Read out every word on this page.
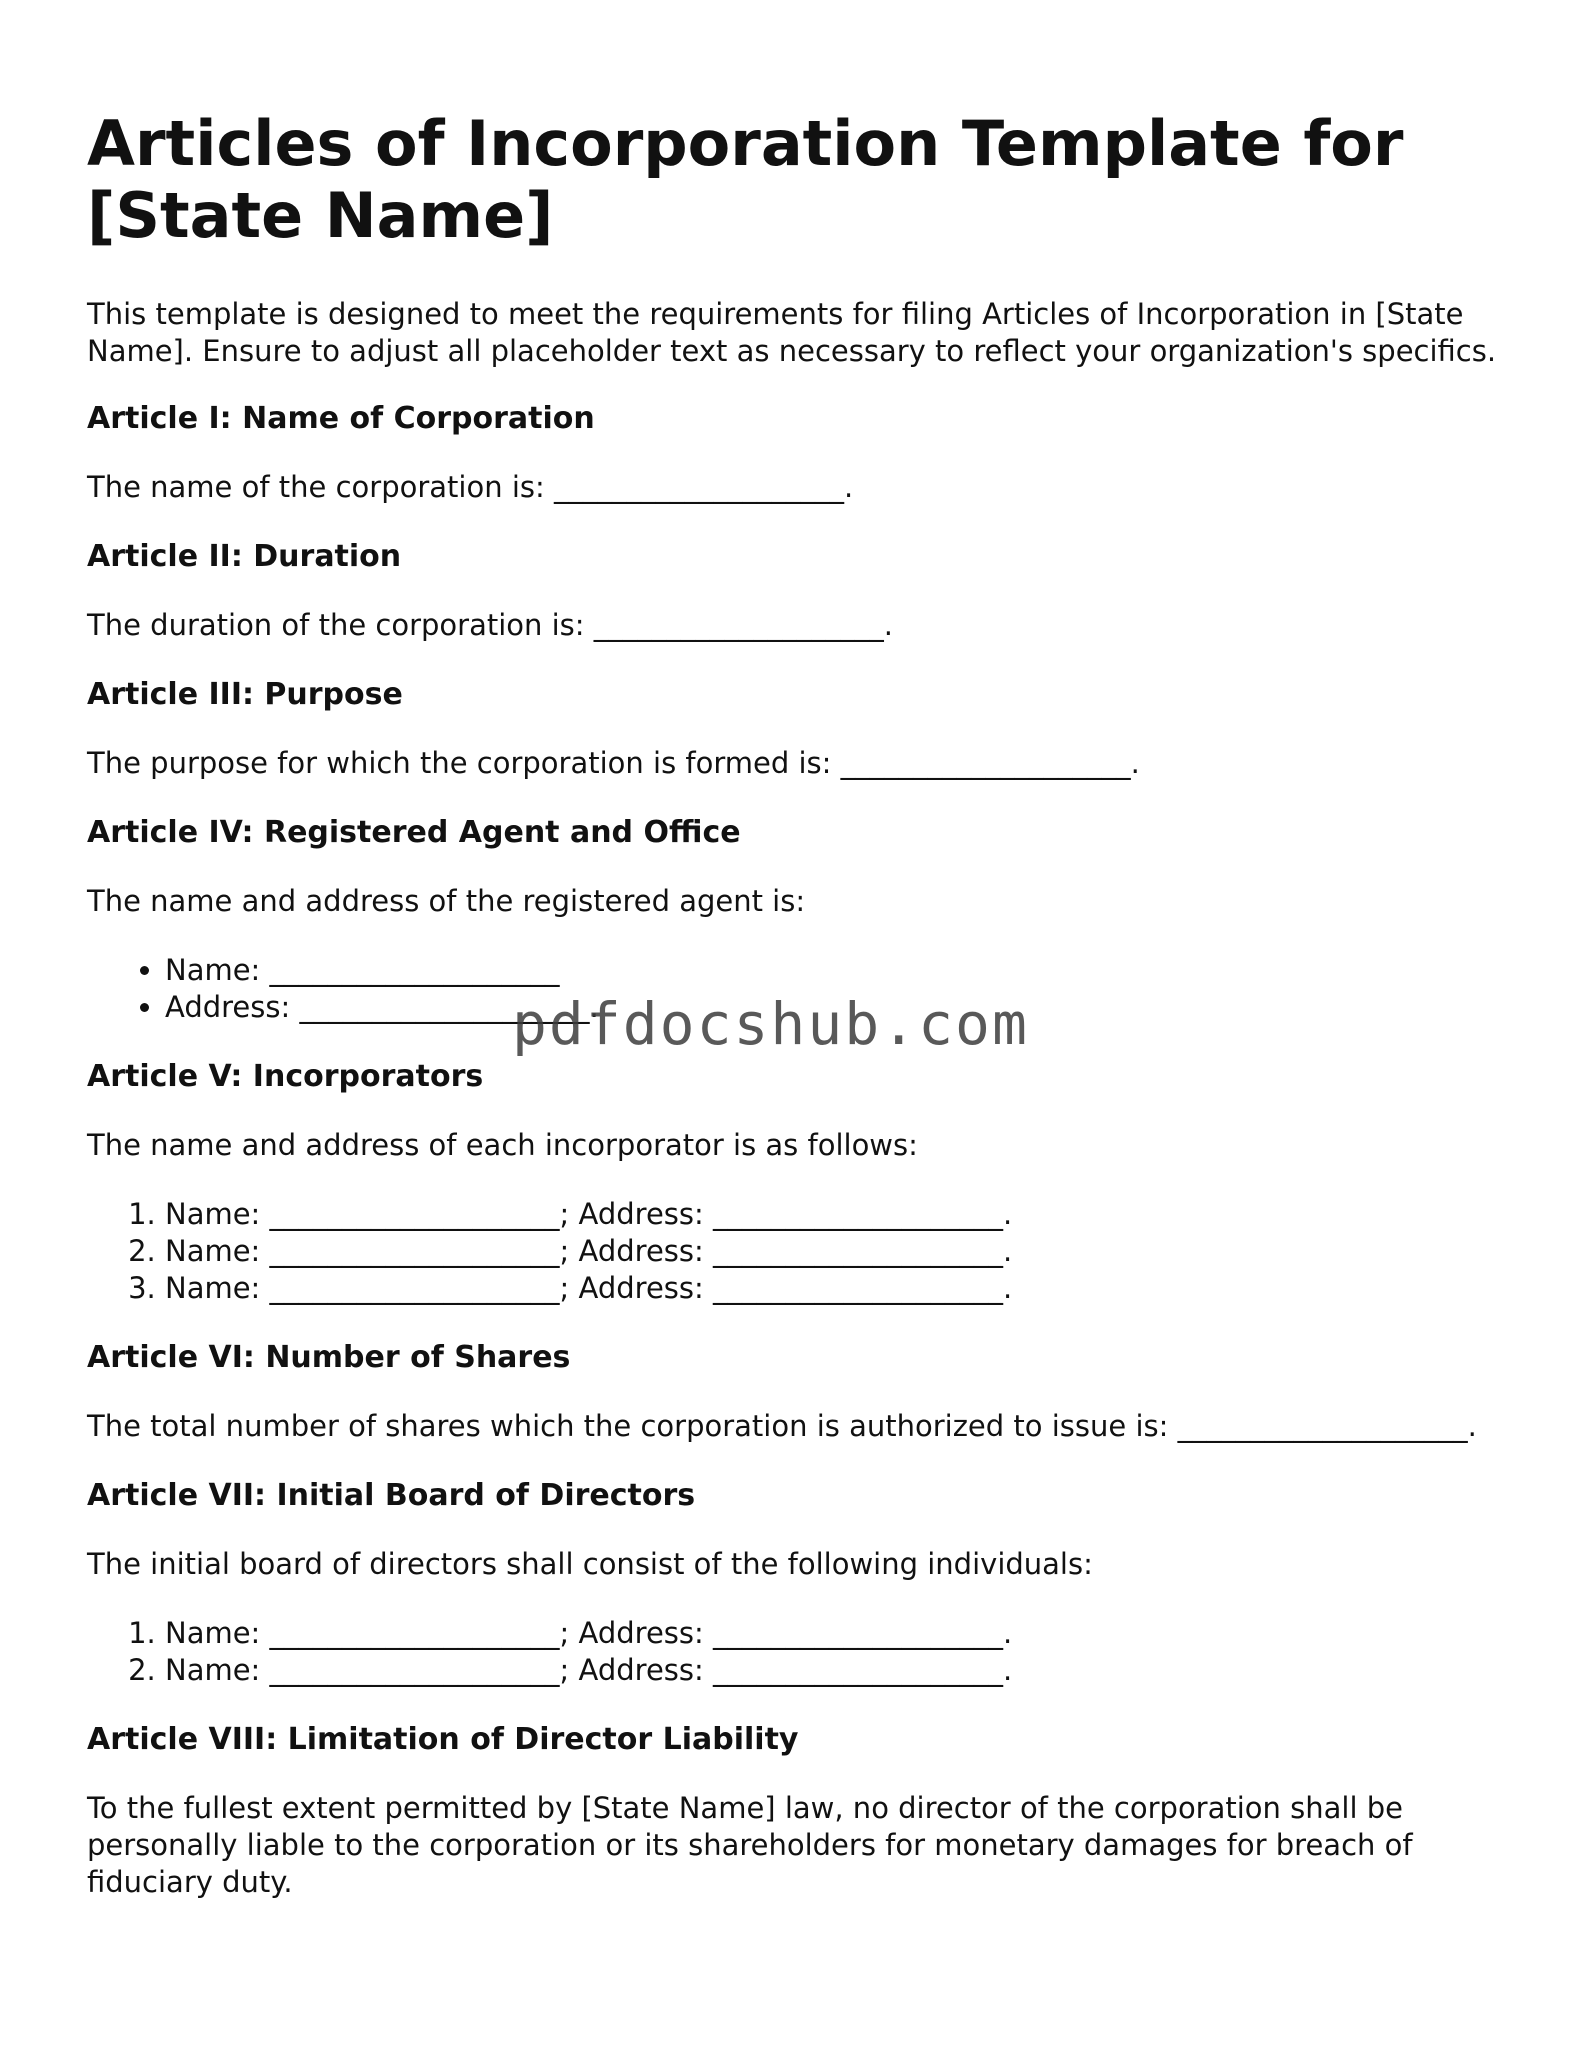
Articles of Incorporation Template for [State Name]

This template is designed to meet the requirements for filing Articles of Incorporation in [State Name]. Ensure to adjust all placeholder text as necessary to reflect your organization's specifics.

Article I: Name of Corporation

The name of the corporation is: ____________________.

Article II: Duration

The duration of the corporation is: ____________________.

Article III: Purpose

The purpose for which the corporation is formed is: ____________________.

Article IV: Registered Agent and Office

The name and address of the registered agent is:

• Name: ____________________
• Address: ____________________.
Article V: Incorporators

The name and address of each incorporator is as follows:

1. Name: ____________________; Address: ____________________.
2. Name: ____________________; Address: ____________________.
3. Name: ____________________; Address: ____________________.
Article VI: Number of Shares

The total number of shares which the corporation is authorized to issue is: ____________________.

Article VII: Initial Board of Directors

The initial board of directors shall consist of the following individuals:

1. Name: ____________________; Address: ____________________.
2. Name: ____________________; Address: ____________________.
Article VIII: Limitation of Director Liability

To the fullest extent permitted by [State Name] law, no director of the corporation shall be personally liable to the corporation or its shareholders for monetary damages for breach of fiduciary duty.

pdfdocshub.com
